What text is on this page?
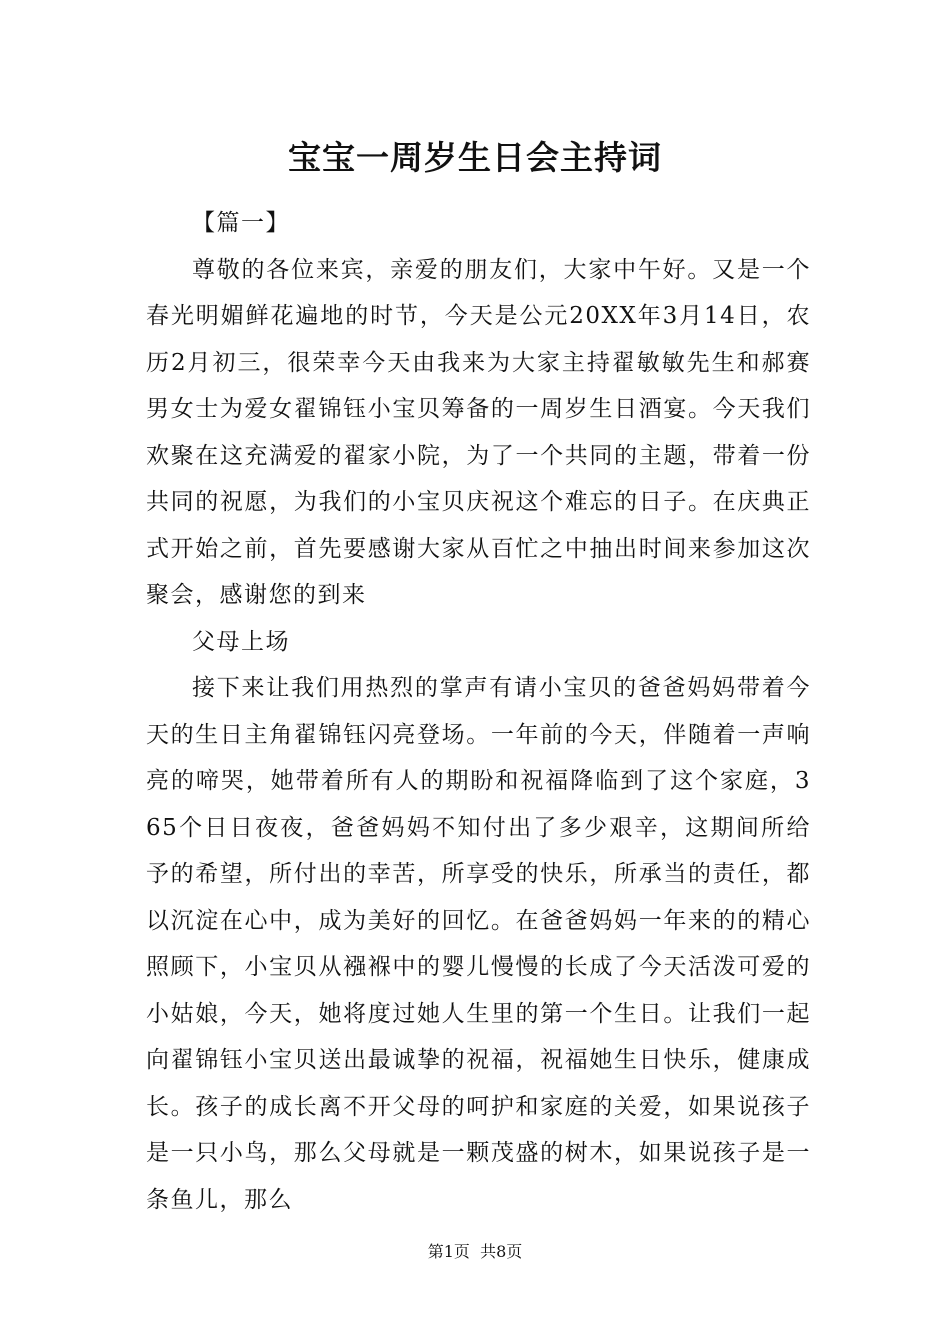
宝宝一周岁生日会主持词

【篇一】

尊敬的各位来宾，亲爱的朋友们，大家中午好。又是一个春光明媚鲜花遍地的时节，今天是公元20XX年3月14日，农历2月初三，很荣幸今天由我来为大家主持翟敏敏先生和郝赛男女士为爱女翟锦钰小宝贝筹备的一周岁生日酒宴。今天我们欢聚在这充满爱的翟家小院，为了一个共同的主题，带着一份共同的祝愿，为我们的小宝贝庆祝这个难忘的日子。在庆典正式开始之前，首先要感谢大家从百忙之中抽出时间来参加这次聚会，感谢您的到来

父母上场

接下来让我们用热烈的掌声有请小宝贝的爸爸妈妈带着今天的生日主角翟锦钰闪亮登场。一年前的今天，伴随着一声响亮的啼哭，她带着所有人的期盼和祝福降临到了这个家庭，365个日日夜夜，爸爸妈妈不知付出了多少艰辛，这期间所给予的希望，所付出的幸苦，所享受的快乐，所承当的责任，都以沉淀在心中，成为美好的回忆。在爸爸妈妈一年来的的精心照顾下，小宝贝从襁褓中的婴儿慢慢的长成了今天活泼可爱的小姑娘，今天，她将度过她人生里的第一个生日。让我们一起向翟锦钰小宝贝送出最诚挚的祝福，祝福她生日快乐，健康成长。孩子的成长离不开父母的呵护和家庭的关爱，如果说孩子是一只小鸟，那么父母就是一颗茂盛的树木，如果说孩子是一条鱼儿，那么

第1页  共8页
